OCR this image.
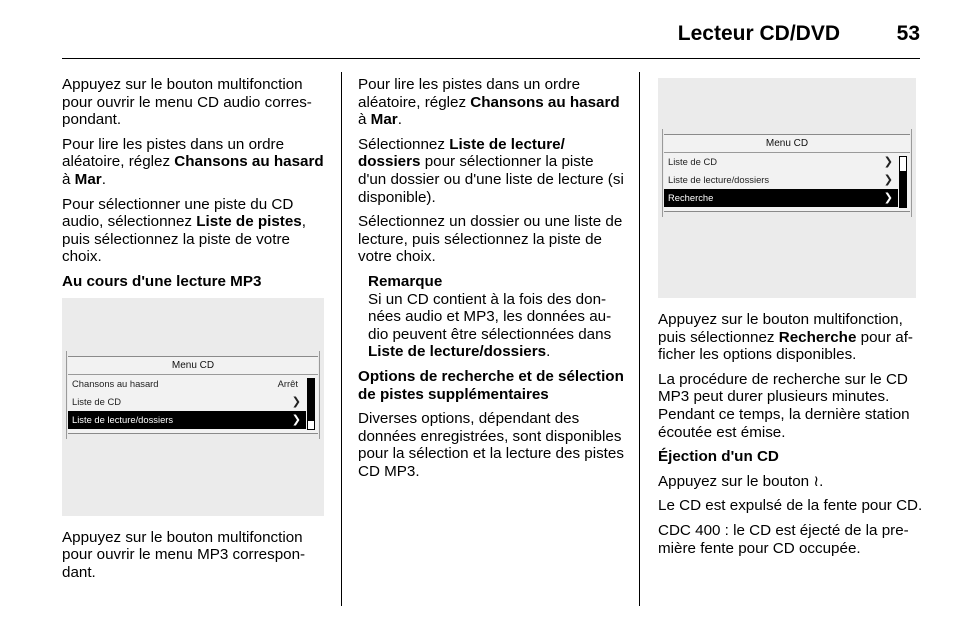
Lecteur CD/DVD	53

Appuyez sur le bouton multifonction pour ouvrir le menu CD audio correspondant.

Pour lire les pistes dans un ordre aléatoire, réglez Chansons au hasard à Mar.

Pour sélectionner une piste du CD audio, sélectionnez Liste de pistes, puis sélectionnez la piste de votre choix.

Au cours d'une lecture MP3

Menu CD
Chansons au hasard	Arrêt
Liste de CD	❯
Liste de lecture/dossiers	❯

Appuyez sur le bouton multifonction pour ouvrir le menu MP3 correspondant.

Pour lire les pistes dans un ordre aléatoire, réglez Chansons au hasard à Mar.

Sélectionnez Liste de lecture/ dossiers pour sélectionner la piste d'un dossier ou d'une liste de lecture (si disponible).

Sélectionnez un dossier ou une liste de lecture, puis sélectionnez la piste de votre choix.

Remarque
Si un CD contient à la fois des données audio et MP3, les données audio peuvent être sélectionnées dans Liste de lecture/dossiers.

Options de recherche et de sélection de pistes supplémentaires

Diverses options, dépendant des données enregistrées, sont disponibles pour la sélection et la lecture des pistes CD MP3.

Menu CD
Liste de CD	❯
Liste de lecture/dossiers	❯
Recherche	❯

Appuyez sur le bouton multifonction, puis sélectionnez Recherche pour afficher les options disponibles.

La procédure de recherche sur le CD MP3 peut durer plusieurs minutes. Pendant ce temps, la dernière station écoutée est émise.

Éjection d'un CD

Appuyez sur le bouton ≀.

Le CD est expulsé de la fente pour CD.

CDC 400 : le CD est éjecté de la première fente pour CD occupée.
